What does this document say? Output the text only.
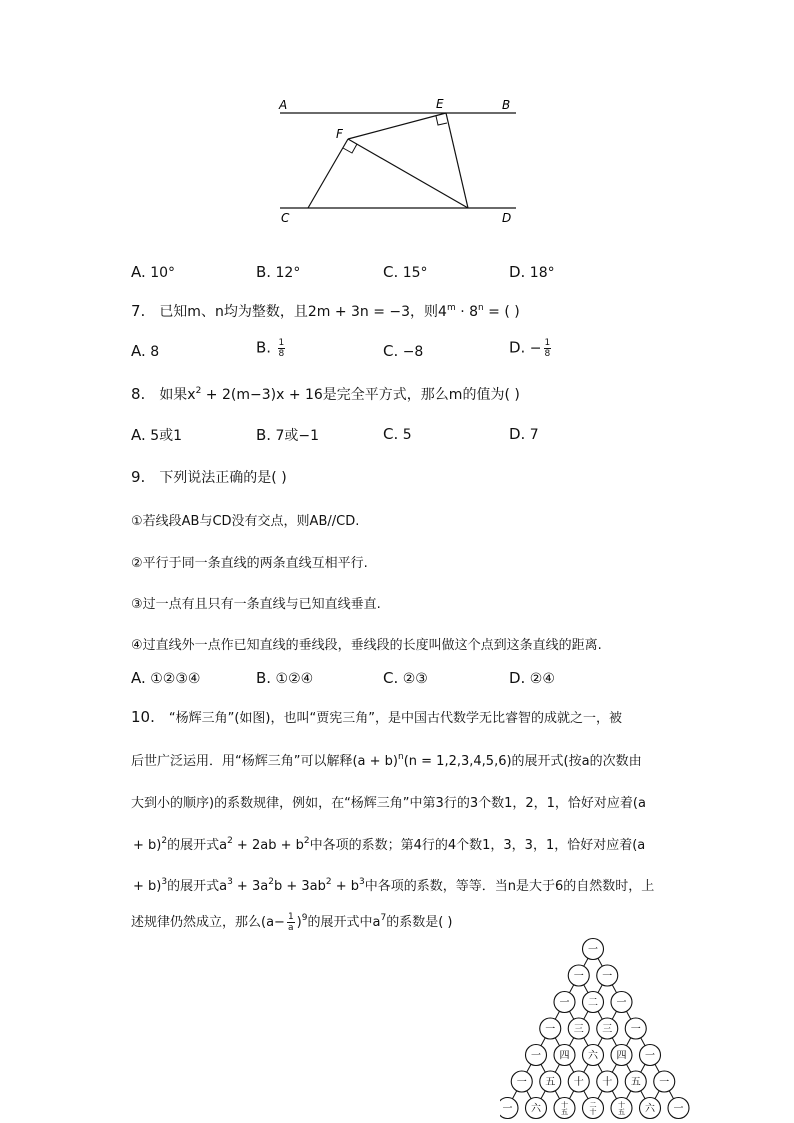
A	E	B
F
C	D
A. 10°	B. 12°	C. 15°	D. 18°
7. 已知m、n均为整数，且2m + 3n = −3，则$4^m \cdot 8^n$ = ( )
A. 8	B. $\frac{1}{8}$	C. −8	D. − $\frac{1}{8}$
8. 如果$x^2 + 2(m-3)x + 16$是完全平方式，那么m的值为( )
A. 5或1	B. 7或−1	C. 5	D. 7
9. 下列说法正确的是( )
①若线段AB与CD没有交点，则AB//CD.
②平行于同一条直线的两条直线互相平行.
③过一点有且只有一条直线与已知直线垂直.
④过直线外一点作已知直线的垂线段，垂线段的长度叫做这个点到这条直线的距离.
A. ①②③④	B. ①②④	C. ②③	D. ②④
10. “杨辉三角”(如图)，也叫“贾宪三角”，是中国古代数学无比睿智的成就之一，被
后世广泛运用．用“杨辉三角”可以解释$(a + b)^n(n = 1,2,3,4,5,6)$的展开式(按a的次数由
大到小的顺序)的系数规律，例如，在“杨辉三角”中第3行的3个数1，2，1，恰好对应着(a
+ b)$^2$的展开式$a^2 + 2ab + b^2$中各项的系数；第4行的4个数1，3，3，1，恰好对应着(a
+ b)$^3$的展开式$a^3 + 3a^2b + 3ab^2 + b^3$中各项的系数，等等．当n是大于6的自然数时，上
述规律仍然成立，那么$(a- \frac{1}{a} )^9$的展开式中$a^7$的系数是( )
一
一 一
一 二 一
一 三 三 一
一 四 六 四 一
一 五 十 十 五 一
一 六	十五
二十
十五 六 一
